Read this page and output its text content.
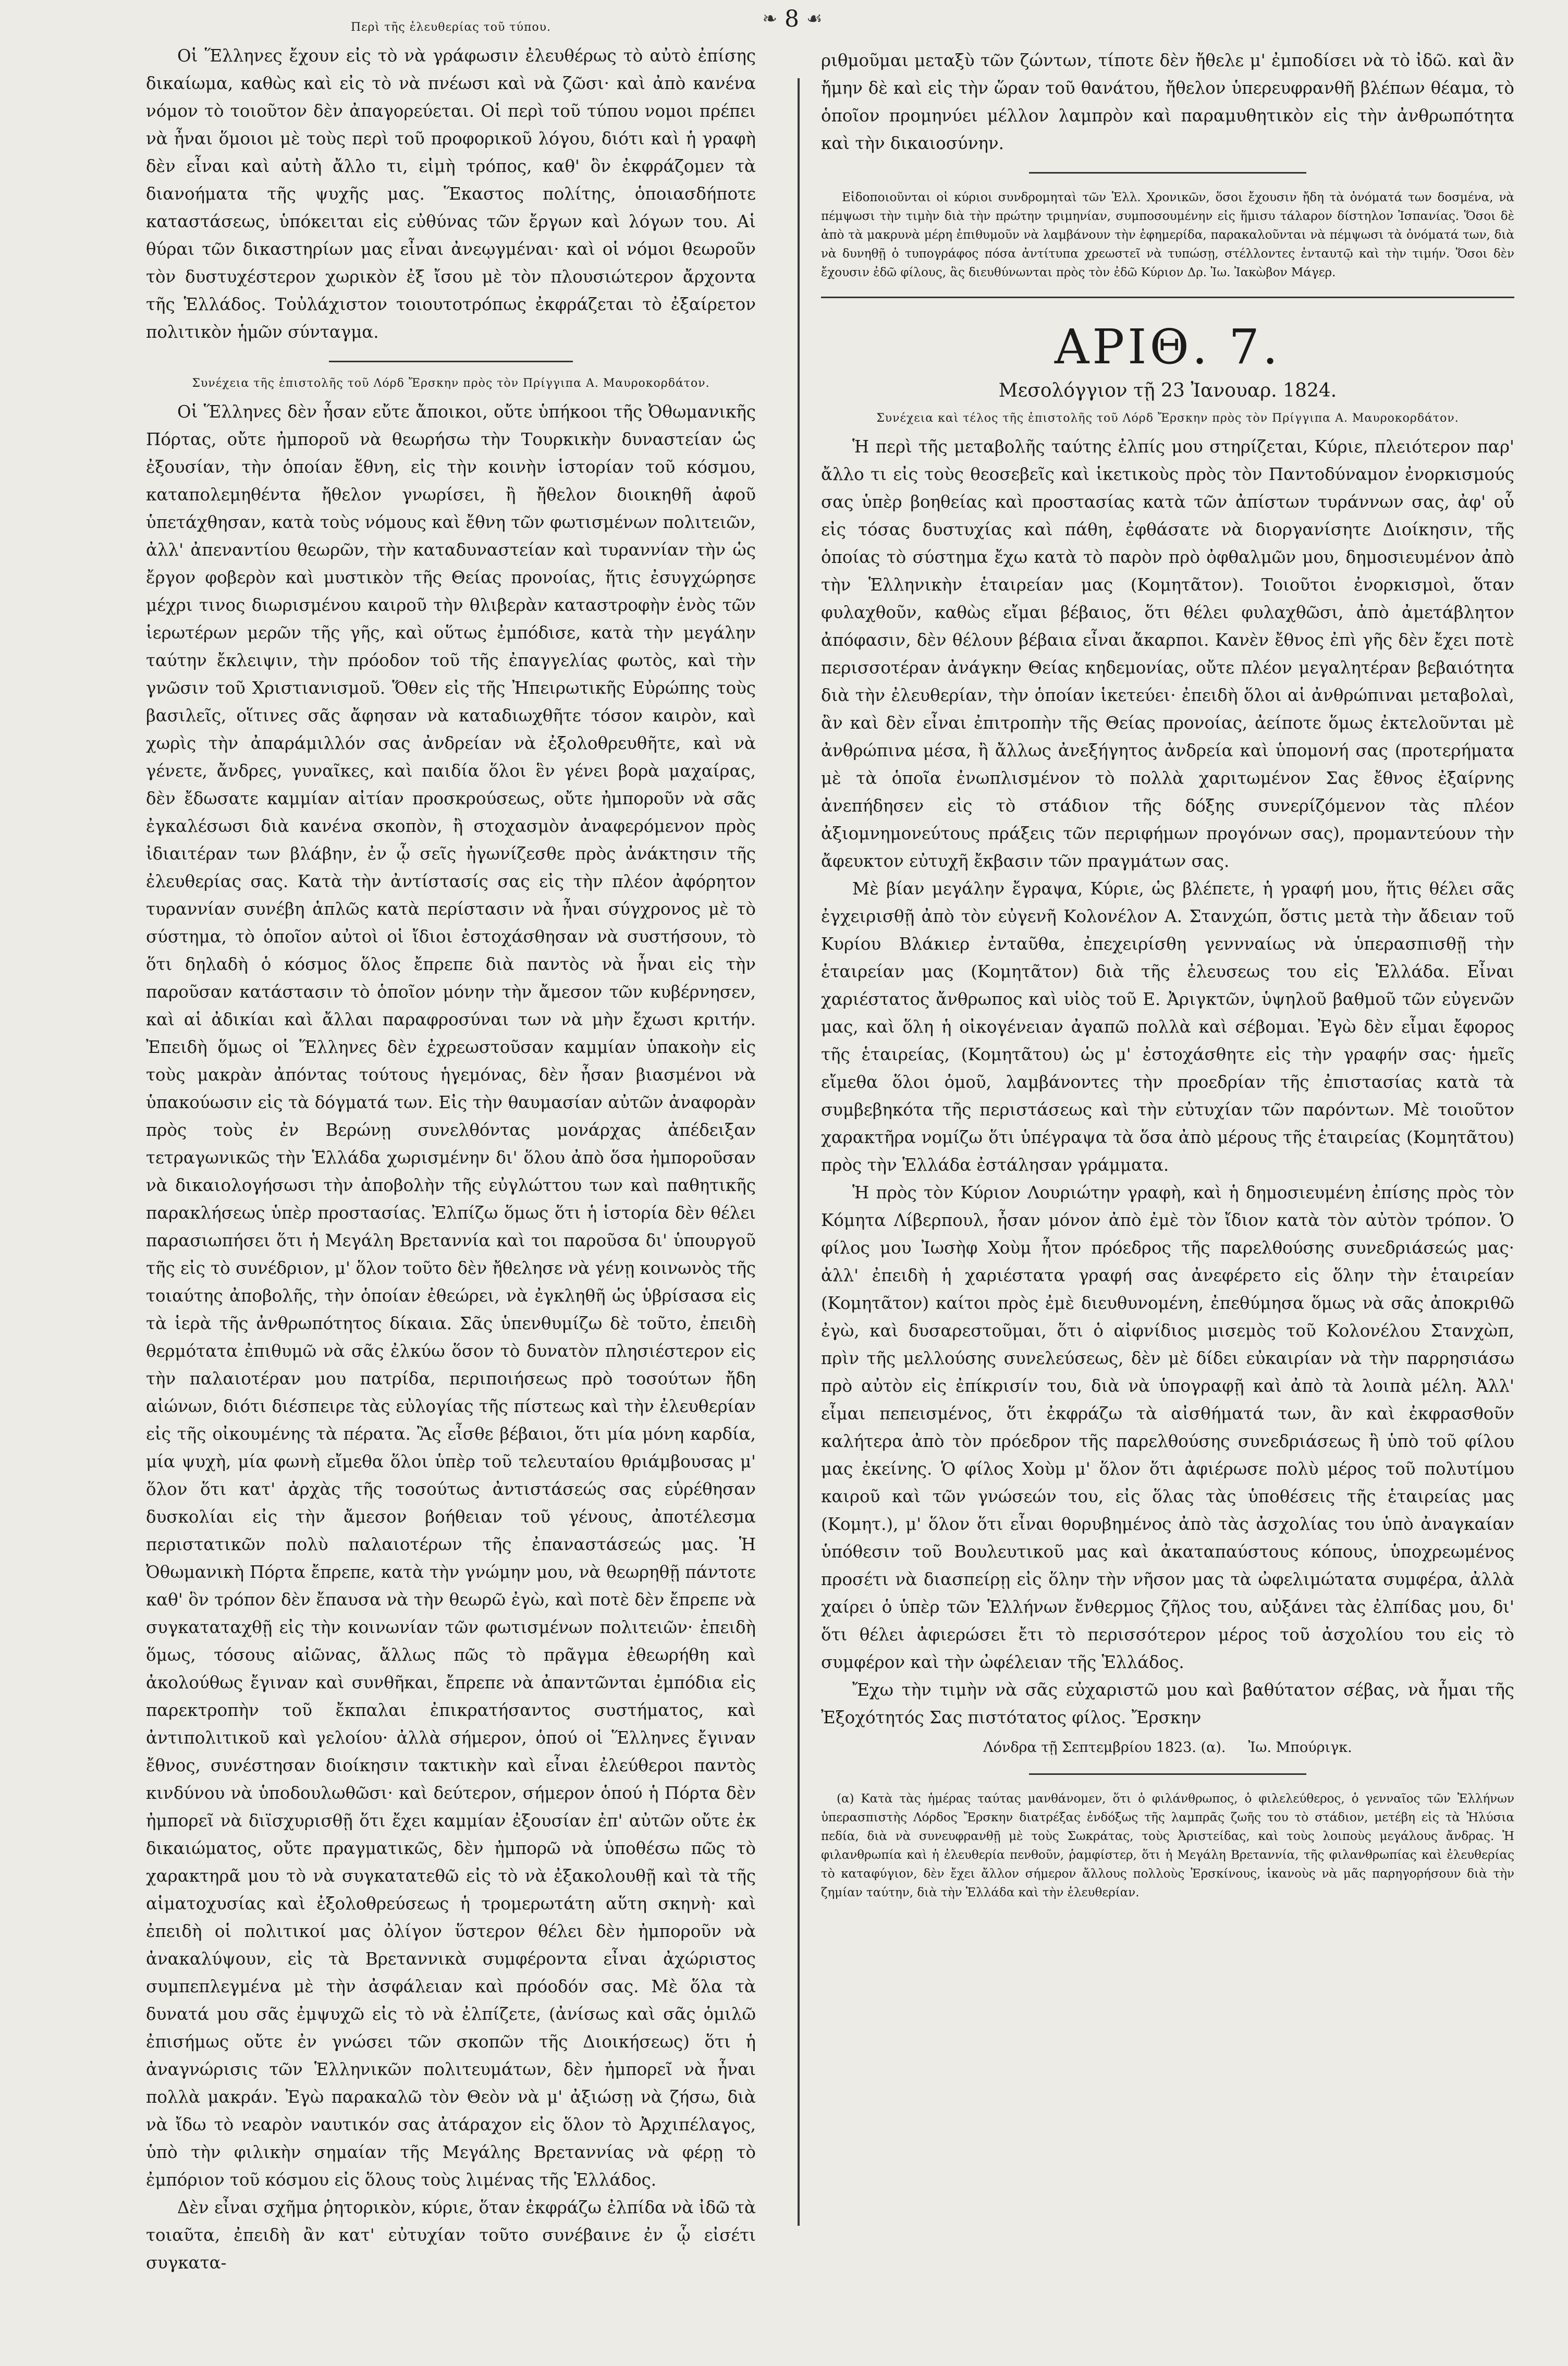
❧ 8 ☙

Περὶ τῆς ἐλευθερίας τοῦ τύπου.

Οἱ Ἕλληνες ἔχουν εἰς τὸ νὰ γράφωσιν ἐλευθέρως τὸ αὐτὸ ἐπίσης δικαίωμα, καθὼς καὶ εἰς τὸ νὰ πνέωσι καὶ νὰ ζῶσι· καὶ ἀπὸ κανένα νόμον τὸ τοιοῦτον δὲν ἀπαγορεύεται. Οἱ περὶ τοῦ τύπου νομοι πρέπει νὰ ἦναι ὅμοιοι μὲ τοὺς περὶ τοῦ προφορικοῦ λόγου, διότι καὶ ἡ γραφὴ δὲν εἶναι καὶ αὐτὴ ἄλλο τι, εἰμὴ τρόπος, καθ' ὃν ἐκφράζομεν τὰ διανοήματα τῆς ψυχῆς μας. Ἕκαστος πολίτης, ὁποιασδήποτε καταστάσεως, ὑπόκειται εἰς εὐθύνας τῶν ἔργων καὶ λόγων του. Αἱ θύραι τῶν δικαστηρίων μας εἶναι ἀνεῳγμέναι· καὶ οἱ νόμοι θεωροῦν τὸν δυστυχέστερον χωρικὸν ἐξ ἴσου μὲ τὸν πλουσιώτερον ἄρχοντα τῆς Ἑλλάδος. Τοὐλάχιστον τοιουτοτρόπως ἐκφράζεται τὸ ἐξαίρετον πολιτικὸν ἡμῶν σύνταγμα.

Συνέχεια τῆς ἐπιστολῆς τοῦ Λόρδ Ἔρσκην πρὸς τὸν Πρίγγιπα Α. Μαυροκορδάτον.

Οἱ Ἕλληνες δὲν ἦσαν εὔτε ἄποικοι, οὔτε ὑπήκοοι τῆς Ὀθωμανικῆς Πόρτας, οὔτε ἠμποροῦ νὰ θεωρήσω τὴν Τουρκικὴν δυναστείαν ὡς ἐξουσίαν, τὴν ὁποίαν ἔθνη, εἰς τὴν κοινὴν ἱστορίαν τοῦ κόσμου, καταπολεμηθέντα ἤθελον γνωρίσει, ἢ ἤθελον διοικηθῆ ἀφοῦ ὑπετάχθησαν, κατὰ τοὺς νόμους καὶ ἔθνη τῶν φωτισμένων πολιτειῶν, ἀλλ' ἀπεναντίου θεωρῶν, τὴν καταδυναστείαν καὶ τυραννίαν τὴν ὡς ἔργον φοβερὸν καὶ μυστικὸν τῆς Θείας προνοίας, ἥτις ἐσυγχώρησε μέχρι τινος διωρισμένου καιροῦ τὴν θλιβερὰν καταστροφὴν ἑνὸς τῶν ἱερωτέρων μερῶν τῆς γῆς, καὶ οὕτως ἐμπόδισε, κατὰ τὴν μεγάλην ταύτην ἔκλειψιν, τὴν πρόοδον τοῦ τῆς ἐπαγγελίας φωτὸς, καὶ τὴν γνῶσιν τοῦ Χριστιανισμοῦ. Ὅθεν εἰς τῆς Ἠπειρωτικῆς Εὐρώπης τοὺς βασιλεῖς, οἵτινες σᾶς ἄφησαν νὰ καταδιωχθῆτε τόσον καιρὸν, καὶ χωρὶς τὴν ἀπαράμιλλόν σας ἀνδρείαν νὰ ἐξολοθρευθῆτε, καὶ νὰ γένετε, ἄνδρες, γυναῖκες, καὶ παιδία ὅλοι ἓν γένει βορὰ μαχαίρας, δὲν ἔδωσατε καμμίαν αἰτίαν προσκρούσεως, οὔτε ἠμποροῦν νὰ σᾶς ἐγκαλέσωσι διὰ κανένα σκοπὸν, ἢ στοχασμὸν ἀναφερόμενον πρὸς ἰδιαιτέραν των βλάβην, ἐν ᾧ σεῖς ἠγωνίζεσθε πρὸς ἀνάκτησιν τῆς ἐλευθερίας σας. Κατὰ τὴν ἀντίστασίς σας εἰς τὴν πλέον ἀφόρητον τυραννίαν συνέβη ἁπλῶς κατὰ περίστασιν νὰ ἦναι σύγχρονος μὲ τὸ σύστημα, τὸ ὁποῖον αὐτοὶ οἱ ἴδιοι ἐστοχάσθησαν νὰ συστήσουν, τὸ ὅτι δηλαδὴ ὁ κόσμος ὅλος ἔπρεπε διὰ παντὸς νὰ ἦναι εἰς τὴν παροῦσαν κατάστασιν τὸ ὁποῖον μόνην τὴν ἄμεσον τῶν κυβέρνησεν, καὶ αἱ ἀδικίαι καὶ ἄλλαι παραφροσύναι των νὰ μὴν ἔχωσι κριτήν. Ἐπειδὴ ὅμως οἱ Ἕλληνες δὲν ἐχρεωστοῦσαν καμμίαν ὑπακοὴν εἰς τοὺς μακρὰν ἀπόντας τούτους ἡγεμόνας, δὲν ἦσαν βιασμένοι νὰ ὑπακούωσιν εἰς τὰ δόγματά των. Εἰς τὴν θαυμασίαν αὐτῶν ἀναφορὰν πρὸς τοὺς ἐν Βερώνῃ συνελθόντας μονάρχας ἀπέδειξαν τετραγωνικῶς τὴν Ἑλλάδα χωρισμένην δι' ὅλου ἀπὸ ὅσα ἠμποροῦσαν νὰ δικαιολογήσωσι τὴν ἀποβολὴν τῆς εὐγλώττου των καὶ παθητικῆς παρακλήσεως ὑπὲρ προστασίας. Ἐλπίζω ὅμως ὅτι ἡ ἱστορία δὲν θέλει παρασιωπήσει ὅτι ἡ Μεγάλη Βρεταννία καὶ τοι παροῦσα δι' ὑπουργοῦ τῆς εἰς τὸ συνέδριον, μ' ὅλον τοῦτο δὲν ἤθελησε νὰ γένῃ κοινωνὸς τῆς τοιαύτης ἀποβολῆς, τὴν ὁποίαν ἐθεώρει, νὰ ἐγκληθῆ ὡς ὑβρίσασα εἰς τὰ ἱερὰ τῆς ἀνθρωπότητος δίκαια. Σᾶς ὑπενθυμίζω δὲ τοῦτο, ἐπειδὴ θερμότατα ἐπιθυμῶ νὰ σᾶς ἐλκύω ὅσον τὸ δυνατὸν πλησιέστερον εἰς τὴν παλαιοτέραν μου πατρίδα, περιποιήσεως πρὸ τοσούτων ἤδη αἰώνων, διότι διέσπειρε τὰς εὐλογίας τῆς πίστεως καὶ τὴν ἐλευθερίαν εἰς τῆς οἰκουμένης τὰ πέρατα. Ἂς εἶσθε βέβαιοι, ὅτι μία μόνη καρδία, μία ψυχὴ, μία φωνὴ εἴμεθα ὅλοι ὑπὲρ τοῦ τελευταίου θριάμβουσας μ' ὅλον ὅτι κατ' ἀρχὰς τῆς τοσούτως ἀντιστάσεώς σας εὑρέθησαν δυσκολίαι εἰς τὴν ἄμεσον βοήθειαν τοῦ γένους, ἀποτέλεσμα περιστατικῶν πολὺ παλαιοτέρων τῆς ἐπαναστάσεώς μας. Ἡ Ὀθωμανικὴ Πόρτα ἔπρεπε, κατὰ τὴν γνώμην μου, νὰ θεωρηθῇ πάντοτε καθ' ὃν τρόπον δὲν ἔπαυσα νὰ τὴν θεωρῶ ἐγὼ, καὶ ποτὲ δὲν ἔπρεπε νὰ συγκαταταχθῇ εἰς τὴν κοινωνίαν τῶν φωτισμένων πολιτειῶν· ἐπειδὴ ὅμως, τόσους αἰῶνας, ἄλλως πῶς τὸ πρᾶγμα ἐθεωρήθη καὶ ἀκολούθως ἔγιναν καὶ συνθῆκαι, ἔπρεπε νὰ ἀπαντῶνται ἐμπόδια εἰς παρεκτροπὴν τοῦ ἔκπαλαι ἐπικρατήσαντος συστήματος, καὶ ἀντιπολιτικοῦ καὶ γελοίου· ἀλλὰ σήμερον, ὁπού οἱ Ἕλληνες ἔγιναν ἔθνος, συνέστησαν διοίκησιν τακτικὴν καὶ εἶναι ἐλεύθεροι παντὸς κινδύνου νὰ ὑποδουλωθῶσι· καὶ δεύτερον, σήμερον ὁπού ἡ Πόρτα δὲν ἠμπορεῖ νὰ διϊσχυρισθῇ ὅτι ἔχει καμμίαν ἐξουσίαν ἐπ' αὐτῶν οὔτε ἐκ δικαιώματος, οὔτε πραγματικῶς, δὲν ἠμπορῶ νὰ ὑποθέσω πῶς τὸ χαρακτηρᾶ μου τὸ νὰ συγκατατεθῶ εἰς τὸ νὰ ἐξακολουθῇ καὶ τὰ τῆς αἱματοχυσίας καὶ ἐξολοθρεύσεως ἡ τρομερωτάτη αὕτη σκηνὴ· καὶ ἐπειδὴ οἱ πολιτικοί μας ὀλίγον ὕστερον θέλει δὲν ἠμποροῦν νὰ ἀνακαλύψουν, εἰς τὰ Βρεταννικὰ συμφέροντα εἶναι ἀχώριστος συμπεπλεγμένα μὲ τὴν ἀσφάλειαν καὶ πρόοδόν σας. Μὲ ὅλα τὰ δυνατά μου σᾶς ἐμψυχῶ εἰς τὸ νὰ ἐλπίζετε, (ἀνίσως καὶ σᾶς ὁμιλῶ ἐπισήμως οὔτε ἐν γνώσει τῶν σκοπῶν τῆς Διοικήσεως) ὅτι ἡ ἀναγνώρισις τῶν Ἑλληνικῶν πολιτευμάτων, δὲν ἠμπορεῖ νὰ ἦναι πολλὰ μακράν. Ἐγὼ παρακαλῶ τὸν Θεὸν νὰ μ' ἀξιώσῃ νὰ ζήσω, διὰ νὰ ἴδω τὸ νεαρὸν ναυτικόν σας ἀτάραχον εἰς ὅλον τὸ Ἀρχιπέλαγος, ὑπὸ τὴν φιλικὴν σημαίαν τῆς Μεγάλης Βρεταννίας νὰ φέρῃ τὸ ἐμπόριον τοῦ κόσμου εἰς ὅλους τοὺς λιμένας τῆς Ἑλλάδος.

Δὲν εἶναι σχῆμα ῥητορικὸν, κύριε, ὅταν ἐκφράζω ἐλπίδα νὰ ἰδῶ τὰ τοιαῦτα, ἐπειδὴ ἂν κατ' εὐτυχίαν τοῦτο συνέβαινε ἐν ᾧ εἰσέτι συγκατα-

ριθμοῦμαι μεταξὺ τῶν ζώντων, τίποτε δὲν ἤθελε μ' ἐμποδίσει νὰ τὸ ἰδῶ. καὶ ἂν ἤμην δὲ καὶ εἰς τὴν ὥραν τοῦ θανάτου, ἤθελον ὑπερευφρανθῆ βλέπων θέαμα, τὸ ὁποῖον προμηνύει μέλλον λαμπρὸν καὶ παραμυθητικὸν εἰς τὴν ἀνθρωπότητα καὶ τὴν δικαιοσύνην.

Εἰδοποιοῦνται οἱ κύριοι συνδρομηταὶ τῶν Ἑλλ. Χρονικῶν, ὅσοι ἔχουσιν ἤδη τὰ ὀνόματά των δοσμένα, νὰ πέμψωσι τὴν τιμὴν διὰ τὴν πρώτην τριμηνίαν, συμποσουμένην εἰς ἥμισυ τάλαρον δίστηλον Ἱσπανίας. Ὅσοι δὲ ἀπὸ τὰ μακρυνὰ μέρη ἐπιθυμοῦν νὰ λαμβάνουν τὴν ἐφημερίδα, παρακαλοῦνται νὰ πέμψωσι τὰ ὀνόματά των, διὰ νὰ δυνηθῇ ὁ τυπογράφος πόσα ἀντίτυπα χρεωστεῖ νὰ τυπώσῃ, στέλλοντες ἐνταυτῷ καὶ τὴν τιμήν. Ὅσοι δὲν ἔχουσιν ἐδῶ φίλους, ἃς διευθύνωνται πρὸς τὸν ἐδῶ Κύριον Δρ. Ἰω. Ἰακὼβον Μάγερ.

ΑΡΙΘ. 7.
Μεσολόγγιον τῇ 23 Ἰανουαρ. 1824.

Συνέχεια καὶ τέλος τῆς ἐπιστολῆς τοῦ Λόρδ Ἔρσκην πρὸς τὸν Πρίγγιπα Α. Μαυροκορδάτον.

Ἡ περὶ τῆς μεταβολῆς ταύτης ἐλπίς μου στηρίζεται, Κύριε, πλειότερον παρ' ἄλλο τι εἰς τοὺς θεοσεβεῖς καὶ ἱκετικοὺς πρὸς τὸν Παντοδύναμον ἐνορκισμούς σας ὑπὲρ βοηθείας καὶ προστασίας κατὰ τῶν ἀπίστων τυράννων σας, ἀφ' οὗ εἰς τόσας δυστυχίας καὶ πάθη, ἐφθάσατε νὰ διοργανίσητε Διοίκησιν, τῆς ὁποίας τὸ σύστημα ἔχω κατὰ τὸ παρὸν πρὸ ὀφθαλμῶν μου, δημοσιευμένον ἀπὸ τὴν Ἑλληνικὴν ἑταιρείαν μας (Κομητᾶτον). Τοιοῦτοι ἐνορκισμοὶ, ὅταν φυλαχθοῦν, καθὼς εἴμαι βέβαιος, ὅτι θέλει φυλαχθῶσι, ἀπὸ ἀμετάβλητον ἀπόφασιν, δὲν θέλουν βέβαια εἶναι ἄκαρποι. Κανὲν ἔθνος ἐπὶ γῆς δὲν ἔχει ποτὲ περισσοτέραν ἀνάγκην Θείας κηδεμονίας, οὔτε πλέον μεγαλητέραν βεβαιότητα διὰ τὴν ἐλευθερίαν, τὴν ὁποίαν ἱκετεύει· ἐπειδὴ ὅλοι αἱ ἀνθρώπιναι μεταβολαὶ, ἂν καὶ δὲν εἶναι ἐπιτροπὴν τῆς Θείας προνοίας, ἀείποτε ὅμως ἐκτελοῦνται μὲ ἀνθρώπινα μέσα, ἢ ἄλλως ἀνεξήγητος ἀνδρεία καὶ ὑπομονή σας (προτερήματα μὲ τὰ ὁποῖα ἐνωπλισμένον τὸ πολλὰ χαριτωμένον Σας ἔθνος ἐξαίρνης ἀνεπήδησεν εἰς τὸ στάδιον τῆς δόξης συνερίζόμενον τὰς πλέον ἀξιομνημονεύτους πράξεις τῶν περιφήμων προγόνων σας), προμαντεύουν τὴν ἄφευκτον εὐτυχῆ ἔκβασιν τῶν πραγμάτων σας.

Μὲ βίαν μεγάλην ἔγραψα, Κύριε, ὡς βλέπετε, ἡ γραφή μου, ἥτις θέλει σᾶς ἐγχειρισθῇ ἀπὸ τὸν εὐγενῆ Κολονέλον Α. Στανχώπ, ὅστις μετὰ τὴν ἄδειαν τοῦ Κυρίου Βλάκιερ ἐνταῦθα, ἐπεχειρίσθη γεννναίως νὰ ὑπερασπισθῇ τὴν ἑταιρείαν μας (Κομητᾶτον) διὰ τῆς ἐλευσεως του εἰς Ἑλλάδα. Εἶναι χαριέστατος ἄνθρωπος καὶ υἱὸς τοῦ Ε. Ἀριγκτῶν, ὑψηλοῦ βαθμοῦ τῶν εὐγενῶν μας, καὶ ὅλη ἡ οἰκογένειαν ἀγαπῶ πολλὰ καὶ σέβομαι. Ἐγὼ δὲν εἶμαι ἔφορος τῆς ἑταιρείας, (Κομητᾶτου) ὡς μ' ἐστοχάσθητε εἰς τὴν γραφήν σας· ἡμεῖς εἴμεθα ὅλοι ὁμοῦ, λαμβάνοντες τὴν προεδρίαν τῆς ἐπιστασίας κατὰ τὰ συμβεβηκότα τῆς περιστάσεως καὶ τὴν εὐτυχίαν τῶν παρόντων. Μὲ τοιοῦτον χαρακτῆρα νομίζω ὅτι ὑπέγραψα τὰ ὅσα ἀπὸ μέρους τῆς ἑταιρείας (Κομητᾶτου) πρὸς τὴν Ἑλλάδα ἐστάλησαν γράμματα.

Ἡ πρὸς τὸν Κύριον Λουριώτην γραφὴ, καὶ ἡ δημοσιευμένη ἐπίσης πρὸς τὸν Κόμητα Λίβερπουλ, ἦσαν μόνον ἀπὸ ἐμὲ τὸν ἴδιον κατὰ τὸν αὐτὸν τρόπον. Ὁ φίλος μου Ἰωσὴφ Χοὺμ ἦτον πρόεδρος τῆς παρελθούσης συνεδριάσεώς μας· ἀλλ' ἐπειδὴ ἡ χαριέστατα γραφή σας ἀνεφέρετο εἰς ὅλην τὴν ἑταιρείαν (Κομητᾶτον) καίτοι πρὸς ἐμὲ διευθυνομένη, ἐπεθύμησα ὅμως νὰ σᾶς ἀποκριθῶ ἐγὼ, καὶ δυσαρεστοῦμαι, ὅτι ὁ αἰφνίδιος μισεμὸς τοῦ Κολονέλου Στανχὼπ, πρὶν τῆς μελλούσης συνελεύσεως, δὲν μὲ δίδει εὐκαιρίαν νὰ τὴν παρρησιάσω πρὸ αὐτὸν εἰς ἐπίκρισίν του, διὰ νὰ ὑπογραφῇ καὶ ἀπὸ τὰ λοιπὰ μέλη. Ἀλλ' εἶμαι πεπεισμένος, ὅτι ἐκφράζω τὰ αἰσθήματά των, ἂν καὶ ἐκφρασθοῦν καλήτερα ἀπὸ τὸν πρόεδρον τῆς παρελθούσης συνεδριάσεως ἢ ὑπὸ τοῦ φίλου μας ἐκείνης. Ὁ φίλος Χοὺμ μ' ὅλον ὅτι ἀφιέρωσε πολὺ μέρος τοῦ πολυτίμου καιροῦ καὶ τῶν γνώσεών του, εἰς ὅλας τὰς ὑποθέσεις τῆς ἑταιρείας μας (Κομητ.), μ' ὅλον ὅτι εἶναι θορυβημένος ἀπὸ τὰς ἀσχολίας του ὑπὸ ἀναγκαίαν ὑπόθεσιν τοῦ Βουλευτικοῦ μας καὶ ἀκαταπαύστους κόπους, ὑποχρεωμένος προσέτι νὰ διασπείρῃ εἰς ὅλην τὴν νῆσον μας τὰ ὠφελιμώτατα συμφέρα, ἀλλὰ χαίρει ὁ ὑπὲρ τῶν Ἑλλήνων ἔνθερμος ζῆλος του, αὐξάνει τὰς ἐλπίδας μου, δι' ὅτι θέλει ἀφιερώσει ἔτι τὸ περισσότερον μέρος τοῦ ἀσχολίου του εἰς τὸ συμφέρον καὶ τὴν ὠφέλειαν τῆς Ἑλλάδος.

Ἔχω τὴν τιμὴν νὰ σᾶς εὐχαριστῶ μου καὶ βαθύτατον σέβας, νὰ ἦμαι τῆς Ἐξοχότητός Σας πιστότατος φίλος. Ἔρσκην

Λόνδρα τῇ Σεπτεμβρίου 1823. (α). Ἰω. Μπούριγκ.

(α) Κατὰ τὰς ἡμέρας ταύτας μανθάνομεν, ὅτι ὁ φιλάνθρωπος, ὁ φιλελεύθερος, ὁ γενναῖος τῶν Ἑλλήνων ὑπερασπιστὴς Λόρδος Ἔρσκην διατρέξας ἐνδόξως τῆς λαμπρᾶς ζωῆς του τὸ στάδιον, μετέβη εἰς τὰ Ἠλύσια πεδία, διὰ νὰ συνευφρανθῇ μὲ τοὺς Σωκράτας, τοὺς Ἀριστείδας, καὶ τοὺς λοιποὺς μεγάλους ἄνδρας. Ἡ φιλανθρωπία καὶ ἡ ἐλευθερία πενθοῦν, ῥαμφίστερ, ὅτι ἡ Μεγάλη Βρεταννία, τῆς φιλανθρωπίας καὶ ἐλευθερίας τὸ καταφύγιον, δὲν ἔχει ἄλλον σήμερον ἄλλους πολλοὺς Ἐρσκίνους, ἱκανοὺς νὰ μᾶς παρηγορήσουν διὰ τὴν ζημίαν ταύτην, διὰ τὴν Ἑλλάδα καὶ τὴν ἐλευθερίαν.
